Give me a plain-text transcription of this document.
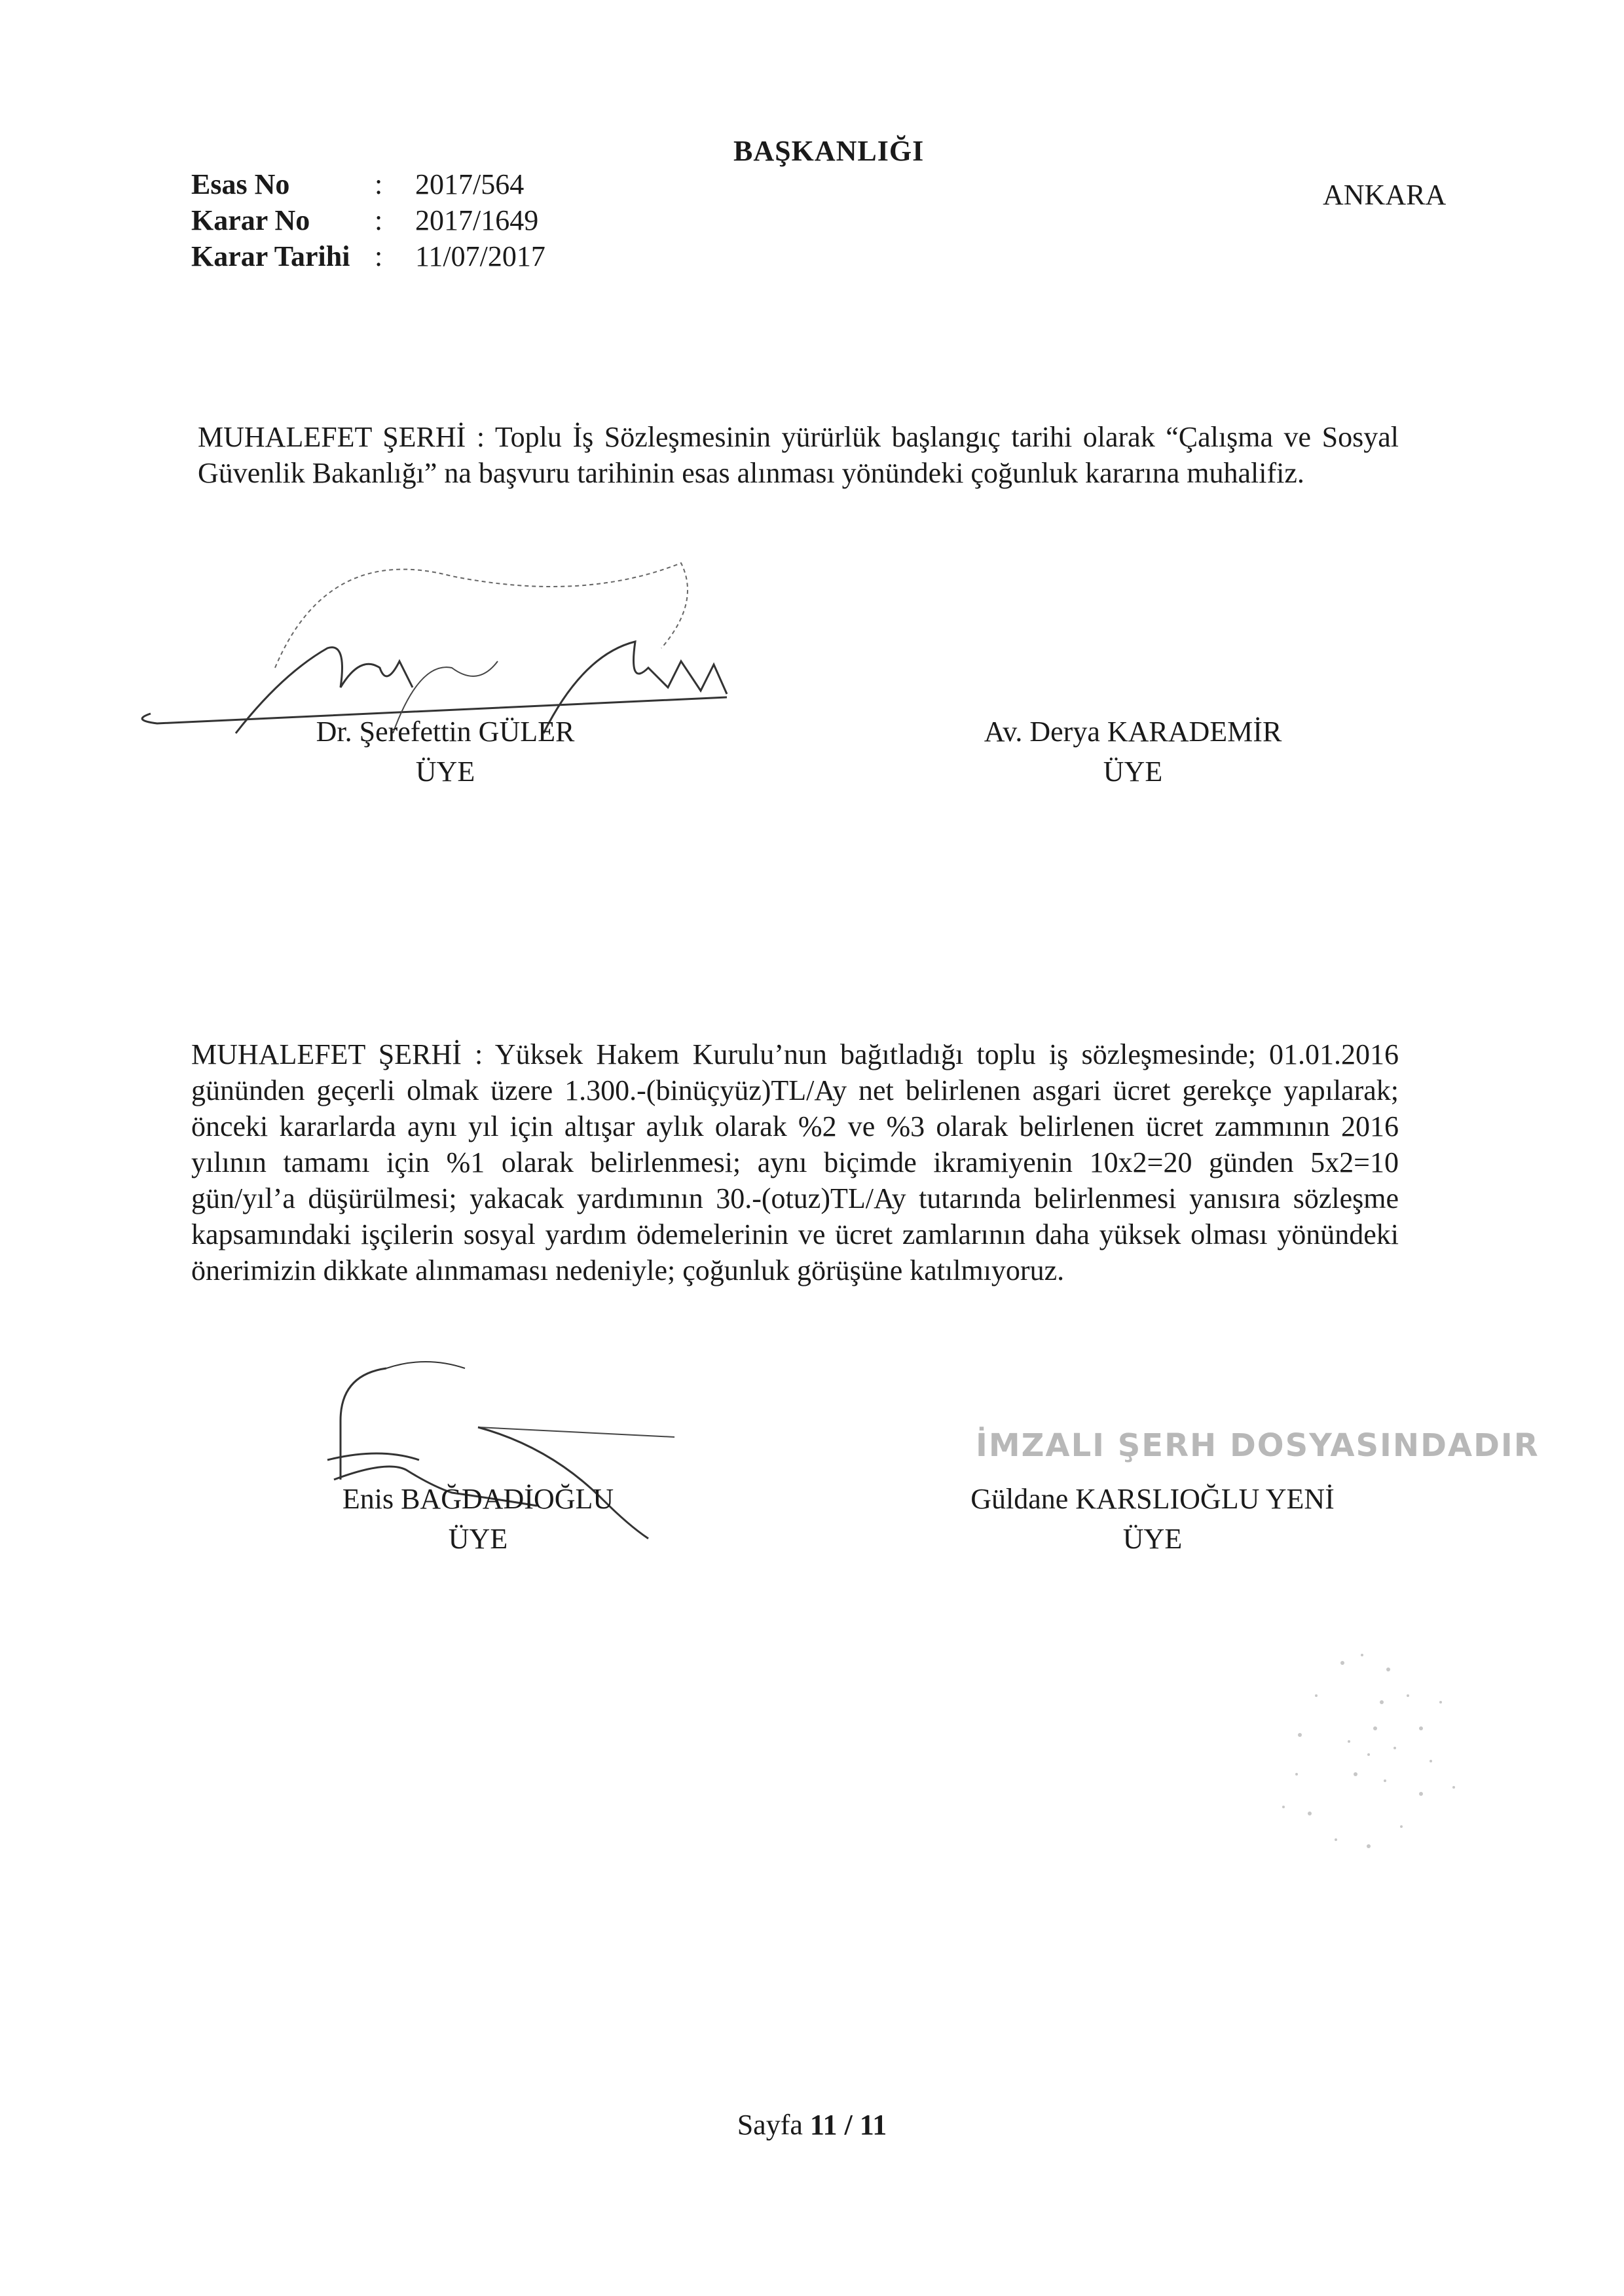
BAŞKANLIĞI
ANKARA
Esas No	:	2017/564
Karar No	:	2017/1649
Karar Tarihi :	11/07/2017
MUHALEFET ŞERHİ : Toplu İş Sözleşmesinin yürürlük başlangıç tarihi olarak “Çalışma ve Sosyal Güvenlik Bakanlığı” na başvuru tarihinin esas alınması yönündeki çoğunluk kararına muhalifiz.
Dr. Şerefettin GÜLER
ÜYE
Av. Derya KARADEMİR
ÜYE
MUHALEFET ŞERHİ : Yüksek Hakem Kurulu’nun bağıtladığı toplu iş sözleşmesinde; 01.01.2016 gününden geçerli olmak üzere 1.300.-(binüçyüz)TL/Ay net belirlenen asgari ücret gerekçe yapılarak; önceki kararlarda aynı yıl için altışar aylık olarak %2 ve %3 olarak belirlenen ücret zammının 2016 yılının tamamı için %1 olarak belirlenmesi; aynı biçimde ikramiyenin 10x2=20 günden 5x2=10 gün/yıl’a düşürülmesi; yakacak yardımının 30.-(otuz)TL/Ay tutarında belirlenmesi yanısıra sözleşme kapsamındaki işçilerin sosyal yardım ödemelerinin ve ücret zamlarının daha yüksek olması yönündeki önerimizin dikkate alınmaması nedeniyle; çoğunluk görüşüne katılmıyoruz.
İMZALI ŞERH DOSYASINDADIR
Enis BAĞDADİOĞLU
ÜYE
Güldane KARSLIOĞLU YENİ
ÜYE
Sayfa 11 / 11
